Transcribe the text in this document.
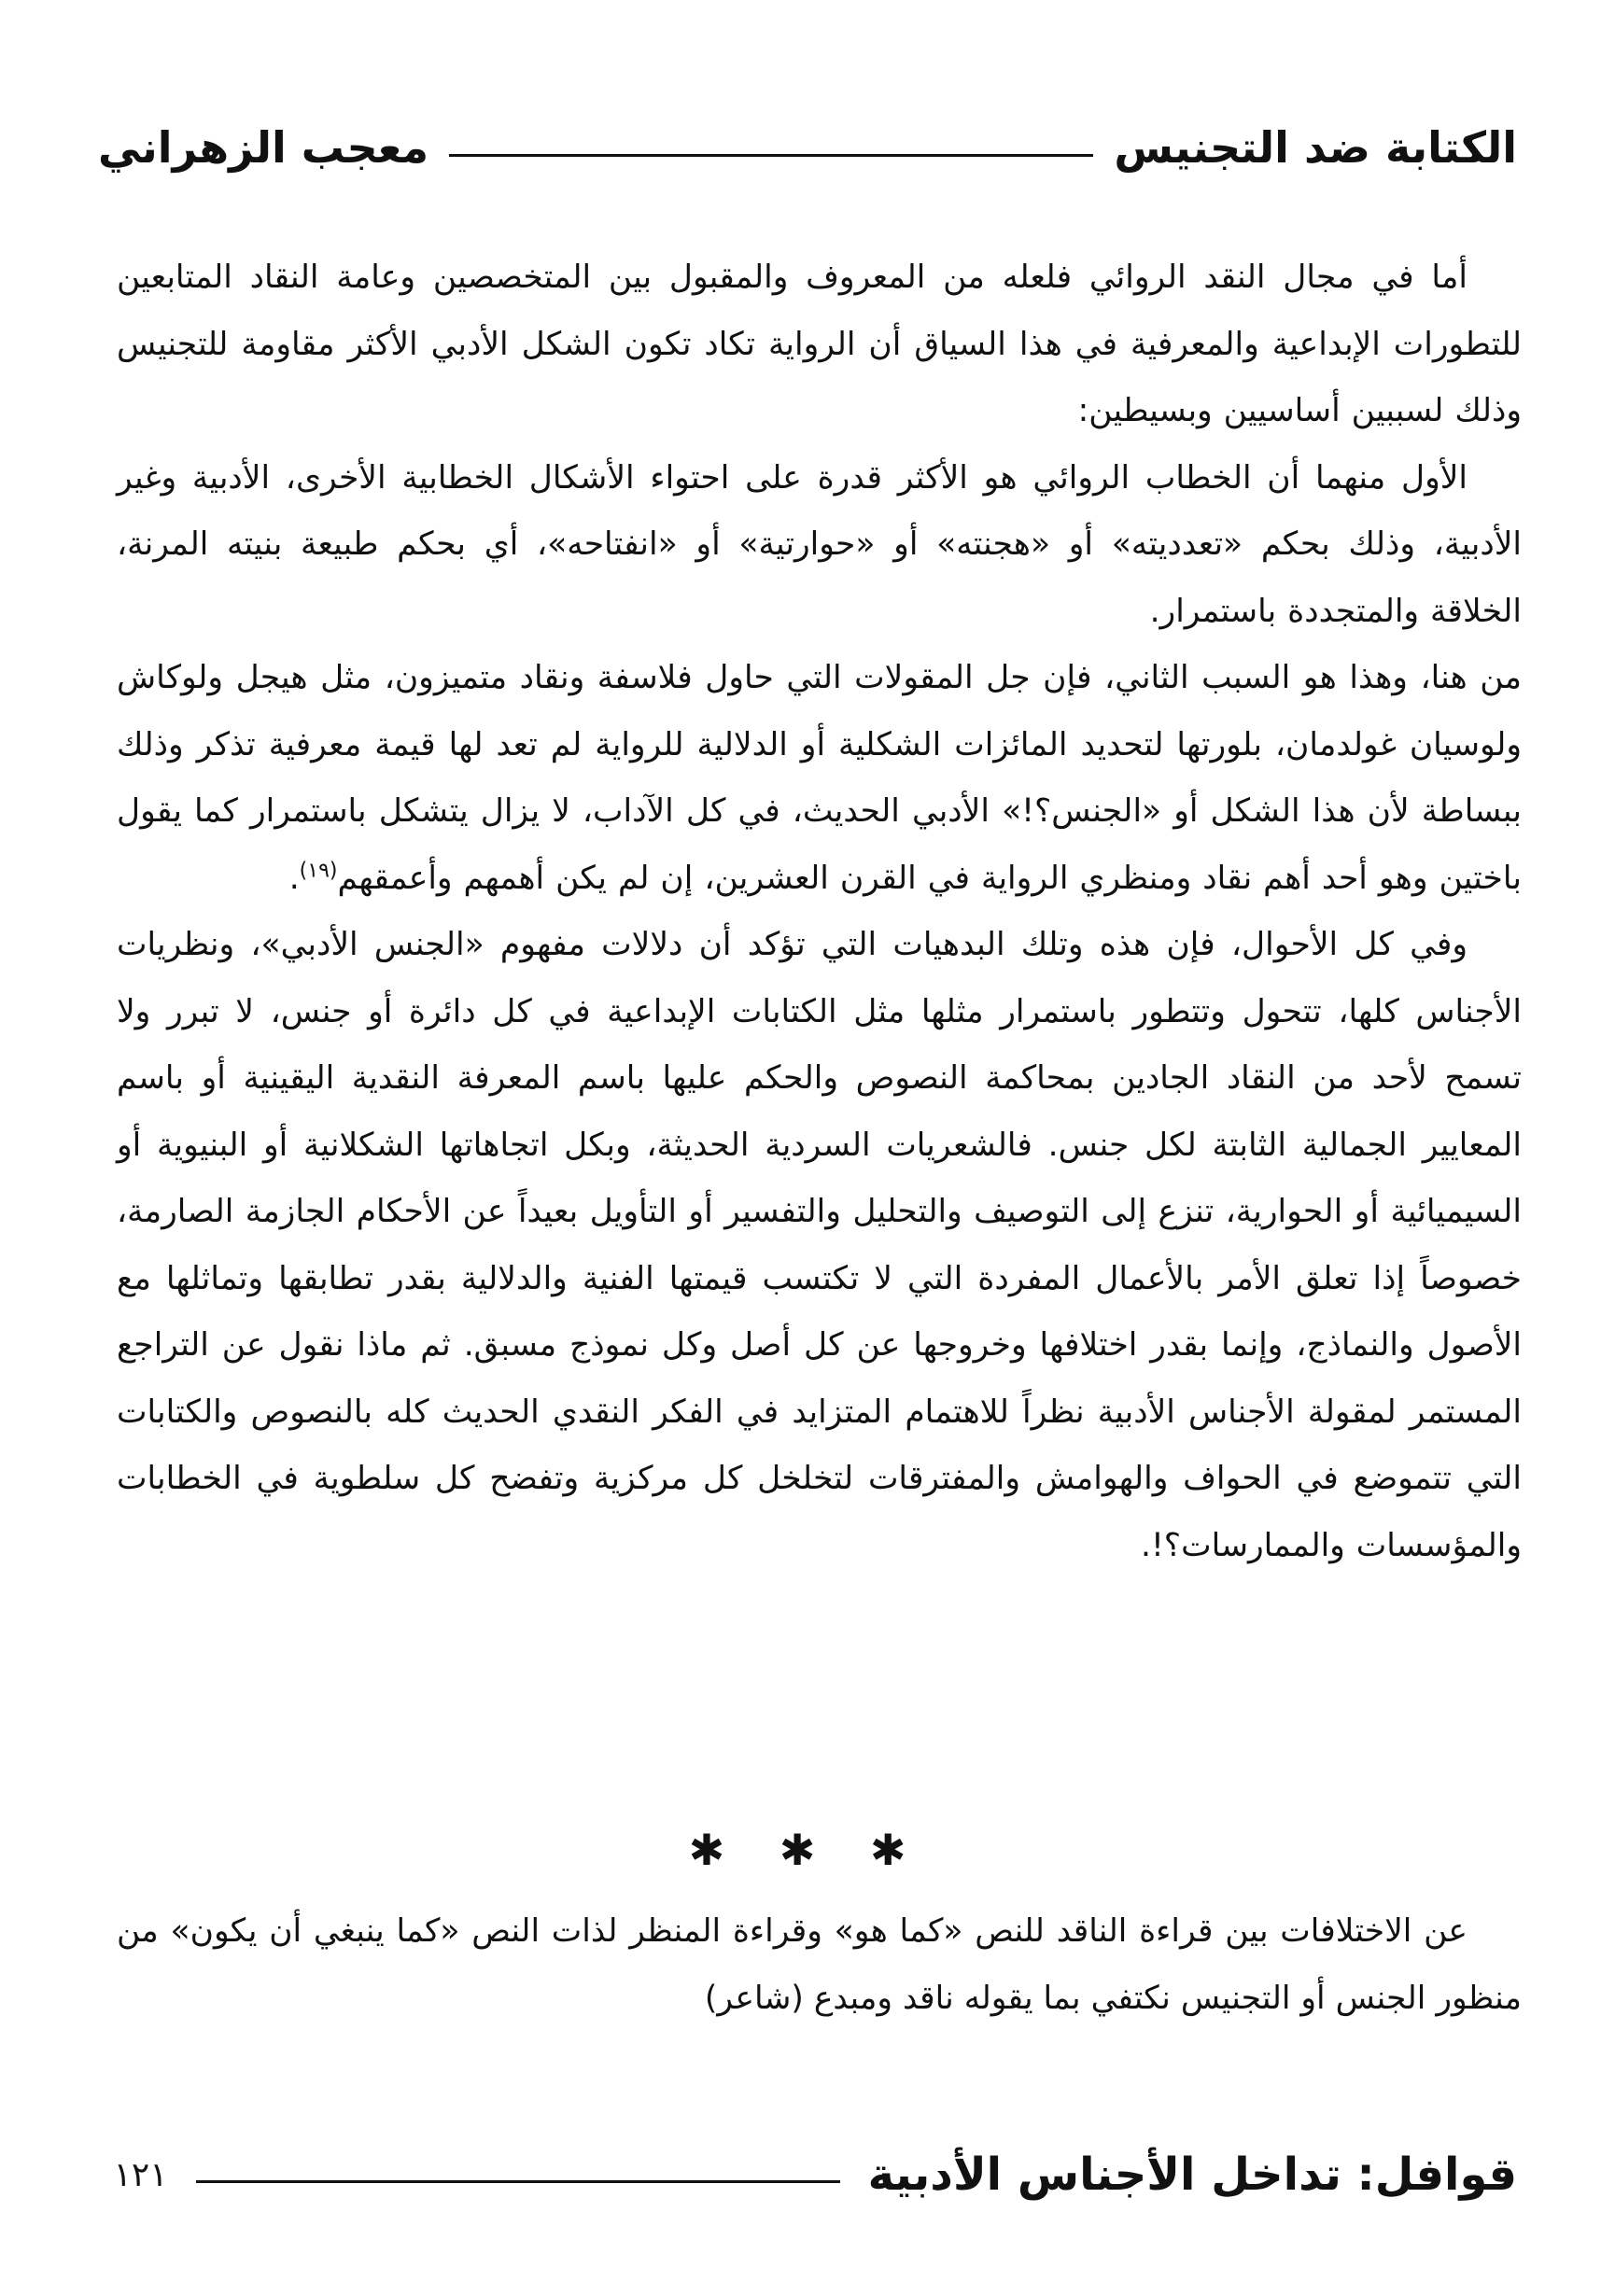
الكتابة ضد التجنيس
معجب الزهراني

أما في مجال النقد الروائي فلعله من المعروف والمقبول بين المتخصصين وعامة النقاد المتابعين للتطورات الإبداعية والمعرفية في هذا السياق أن الرواية تكاد تكون الشكل الأدبي الأكثر مقاومة للتجنيس وذلك لسببين أساسيين وبسيطين:

الأول منهما أن الخطاب الروائي هو الأكثر قدرة على احتواء الأشكال الخطابية الأخرى، الأدبية وغير الأدبية، وذلك بحكم «تعدديته» أو «هجنته» أو «حوارتية» أو «انفتاحه»، أي بحكم طبيعة بنيته المرنة، الخلاقة والمتجددة باستمرار.

من هنا، وهذا هو السبب الثاني، فإن جل المقولات التي حاول فلاسفة ونقاد متميزون، مثل هيجل ولوكاش ولوسيان غولدمان، بلورتها لتحديد المائزات الشكلية أو الدلالية للرواية لم تعد لها قيمة معرفية تذكر وذلك ببساطة لأن هذا الشكل أو «الجنس؟!» الأدبي الحديث، في كل الآداب، لا يزال يتشكل باستمرار كما يقول باختين وهو أحد أهم نقاد ومنظري الرواية في القرن العشرين، إن لم يكن أهمهم وأعمقهم$^{(١٩)}$.

وفي كل الأحوال، فإن هذه وتلك البدهيات التي تؤكد أن دلالات مفهوم «الجنس الأدبي»، ونظريات الأجناس كلها، تتحول وتتطور باستمرار مثلها مثل الكتابات الإبداعية في كل دائرة أو جنس، لا تبرر ولا تسمح لأحد من النقاد الجادين بمحاكمة النصوص والحكم عليها باسم المعرفة النقدية اليقينية أو باسم المعايير الجمالية الثابتة لكل جنس. فالشعريات السردية الحديثة، وبكل اتجاهاتها الشكلانية أو البنيوية أو السيميائية أو الحوارية، تنزع إلى التوصيف والتحليل والتفسير أو التأويل بعيداً عن الأحكام الجازمة الصارمة، خصوصاً إذا تعلق الأمر بالأعمال المفردة التي لا تكتسب قيمتها الفنية والدلالية بقدر تطابقها وتماثلها مع الأصول والنماذج، وإنما بقدر اختلافها وخروجها عن كل أصل وكل نموذج مسبق. ثم ماذا نقول عن التراجع المستمر لمقولة الأجناس الأدبية نظراً للاهتمام المتزايد في الفكر النقدي الحديث كله بالنصوص والكتابات التي تتموضع في الحواف والهوامش والمفترقات لتخلخل كل مركزية وتفضح كل سلطوية في الخطابات والمؤسسات والممارسات؟!.

✱ ✱ ✱

عن الاختلافات بين قراءة الناقد للنص «كما هو» وقراءة المنظر لذات النص «كما ينبغي أن يكون» من منظور الجنس أو التجنيس نكتفي بما يقوله ناقد ومبدع (شاعر)

قوافل: تداخل الأجناس الأدبية
١٢١
